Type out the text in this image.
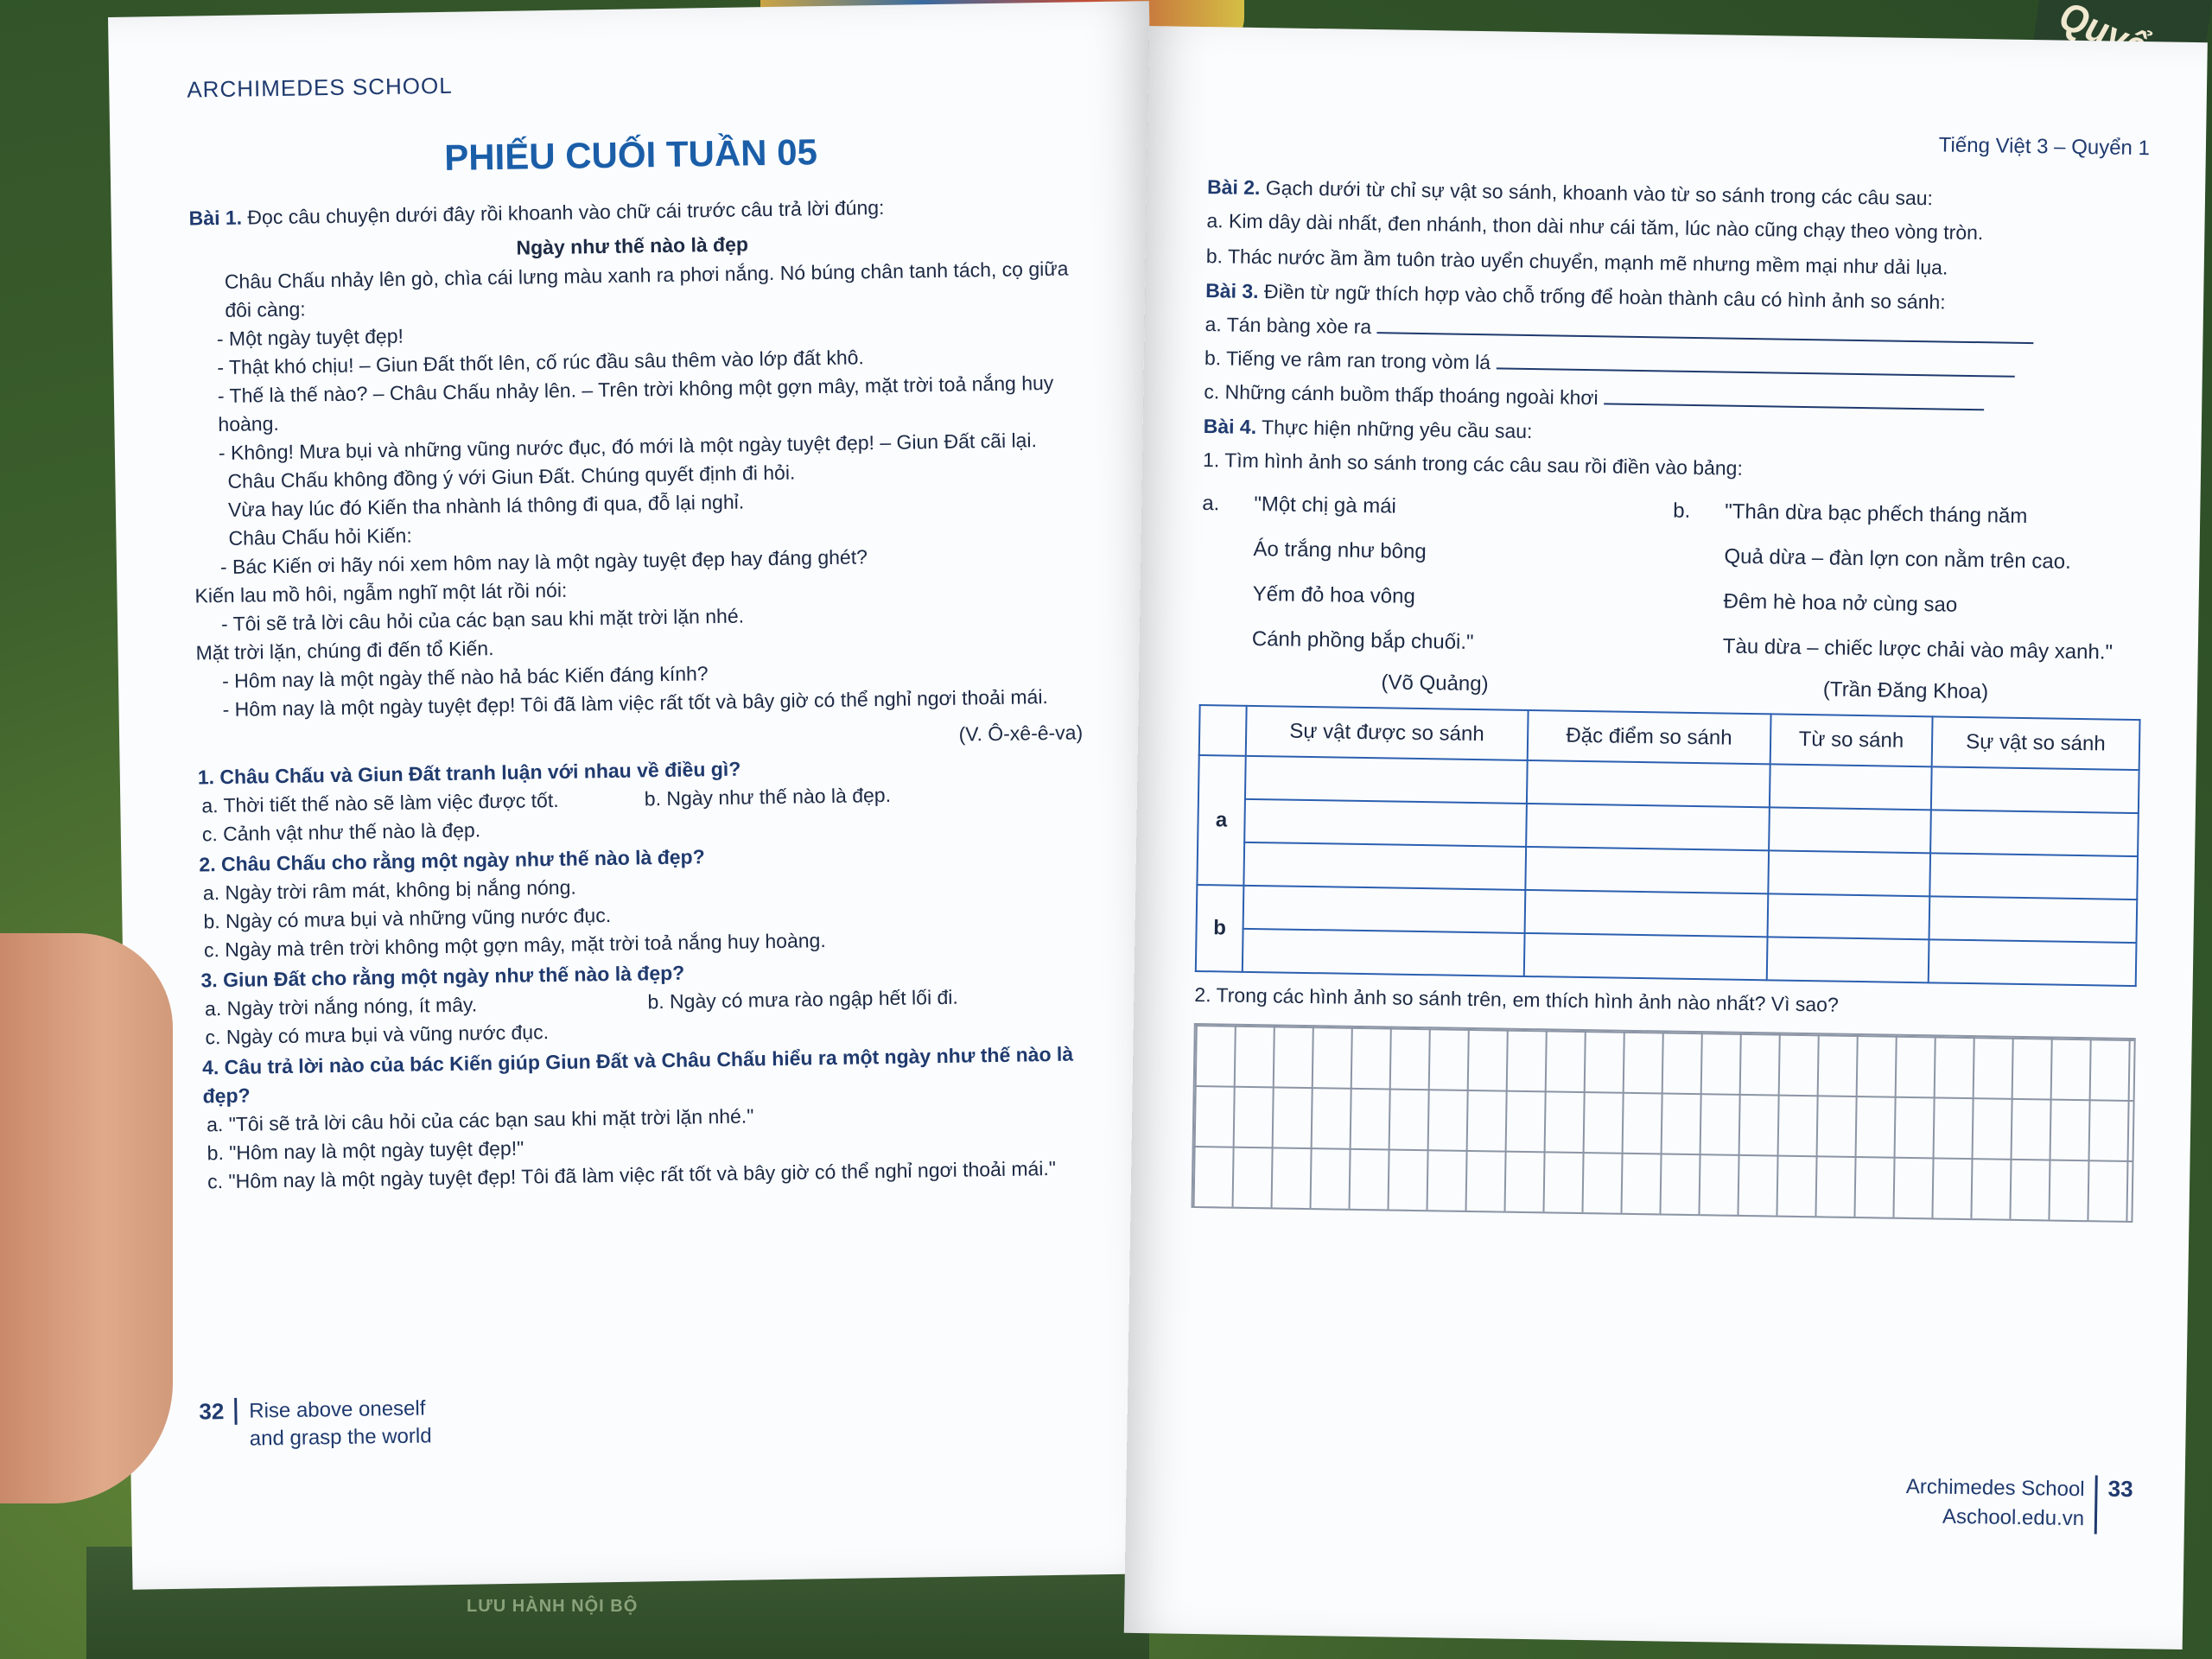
LƯU HÀNH NỘI BỘ
ARCHIMEDES SCHOOL
PHIẾU CUỐI TUẦN 05
Bài 1. Đọc câu chuyện dưới đây rồi khoanh vào chữ cái trước câu trả lời đúng:
Ngày như thế nào là đẹp
Châu Chấu nhảy lên gò, chìa cái lưng màu xanh ra phơi nắng. Nó búng chân tanh tách, cọ giữa đôi càng:
- Một ngày tuyệt đẹp!
- Thật khó chịu! – Giun Đất thốt lên, cố rúc đầu sâu thêm vào lớp đất khô.
- Thế là thế nào? – Châu Chấu nhảy lên. – Trên trời không một gợn mây, mặt trời toả nắng huy hoàng.
- Không! Mưa bụi và những vũng nước đục, đó mới là một ngày tuyệt đẹp! – Giun Đất cãi lại.
Châu Chấu không đồng ý với Giun Đất. Chúng quyết định đi hỏi.
Vừa hay lúc đó Kiến tha nhành lá thông đi qua, đỗ lại nghỉ.
Châu Chấu hỏi Kiến:
- Bác Kiến ơi hãy nói xem hôm nay là một ngày tuyệt đẹp hay đáng ghét?
Kiến lau mồ hôi, ngẫm nghĩ một lát rồi nói:
- Tôi sẽ trả lời câu hỏi của các bạn sau khi mặt trời lặn nhé.
Mặt trời lặn, chúng đi đến tổ Kiến.
- Hôm nay là một ngày thế nào hả bác Kiến đáng kính?
- Hôm nay là một ngày tuyệt đẹp! Tôi đã làm việc rất tốt và bây giờ có thể nghỉ ngơi thoải mái.
(V. Ô-xê-ê-va)
1. Châu Chấu và Giun Đất tranh luận với nhau về điều gì?
a. Thời tiết thế nào sẽ làm việc được tốt.	b. Ngày như thế nào là đẹp.
c. Cảnh vật như thế nào là đẹp.
2. Châu Chấu cho rằng một ngày như thế nào là đẹp?
a. Ngày trời râm mát, không bị nắng nóng.
b. Ngày có mưa bụi và những vũng nước đục.
c. Ngày mà trên trời không một gợn mây, mặt trời toả nắng huy hoàng.
3. Giun Đất cho rằng một ngày như thế nào là đẹp?
a. Ngày trời nắng nóng, ít mây.	b. Ngày có mưa rào ngập hết lối đi.
c. Ngày có mưa bụi và vũng nước đục.
4. Câu trả lời nào của bác Kiến giúp Giun Đất và Châu Chấu hiểu ra một ngày như thế nào là đẹp?
a. "Tôi sẽ trả lời câu hỏi của các bạn sau khi mặt trời lặn nhé."
b. "Hôm nay là một ngày tuyệt đẹp!"
c. "Hôm nay là một ngày tuyệt đẹp! Tôi đã làm việc rất tốt và bây giờ có thể nghỉ ngơi thoải mái."
32	Rise above oneself
and grasp the world
Tiếng Việt 3 – Quyển 1
Bài 2. Gạch dưới từ chỉ sự vật so sánh, khoanh vào từ so sánh trong các câu sau:
a. Kim dây dài nhất, đen nhánh, thon dài như cái tăm, lúc nào cũng chạy theo vòng tròn.
b. Thác nước ầm ầm tuôn trào uyển chuyển, mạnh mẽ nhưng mềm mại như dải lụa.
Bài 3. Điền từ ngữ thích hợp vào chỗ trống để hoàn thành câu có hình ảnh so sánh:
a. Tán bàng xòe ra
b. Tiếng ve râm ran trong vòm lá
c. Những cánh buồm thấp thoáng ngoài khơi
Bài 4. Thực hiện những yêu cầu sau:
1. Tìm hình ảnh so sánh trong các câu sau rồi điền vào bảng:
a.	"Một chị gà mái
Áo trắng như bông
Yếm đỏ hoa vông
Cánh phồng bắp chuối."
b.	"Thân dừa bạc phếch tháng năm
Quả dừa – đàn lợn con nằm trên cao.
Đêm hè hoa nở cùng sao
Tàu dừa – chiếc lược chải vào mây xanh."
(Võ Quảng)	(Trần Đăng Khoa)
	Sự vật được so sánh	Đặc điểm so sánh	Từ so sánh	Sự vật so sánh
a				

b				

2. Trong các hình ảnh so sánh trên, em thích hình ảnh nào nhất? Vì sao?
Archimedes School
Aschool.edu.vn
33
